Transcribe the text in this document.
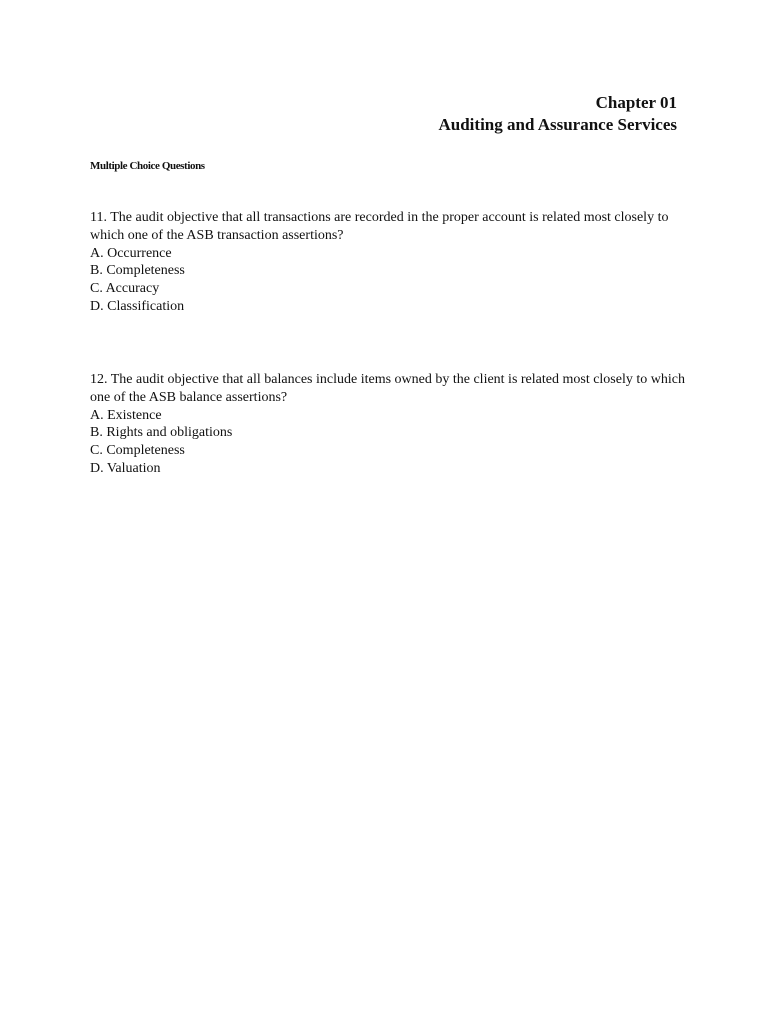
Chapter 01
Auditing and Assurance Services
Multiple Choice Questions
11. The audit objective that all transactions are recorded in the proper account is related most closely to which one of the ASB transaction assertions?
A. Occurrence
B. Completeness
C. Accuracy
D. Classification
12. The audit objective that all balances include items owned by the client is related most closely to which one of the ASB balance assertions?
A. Existence
B. Rights and obligations
C. Completeness
D. Valuation
